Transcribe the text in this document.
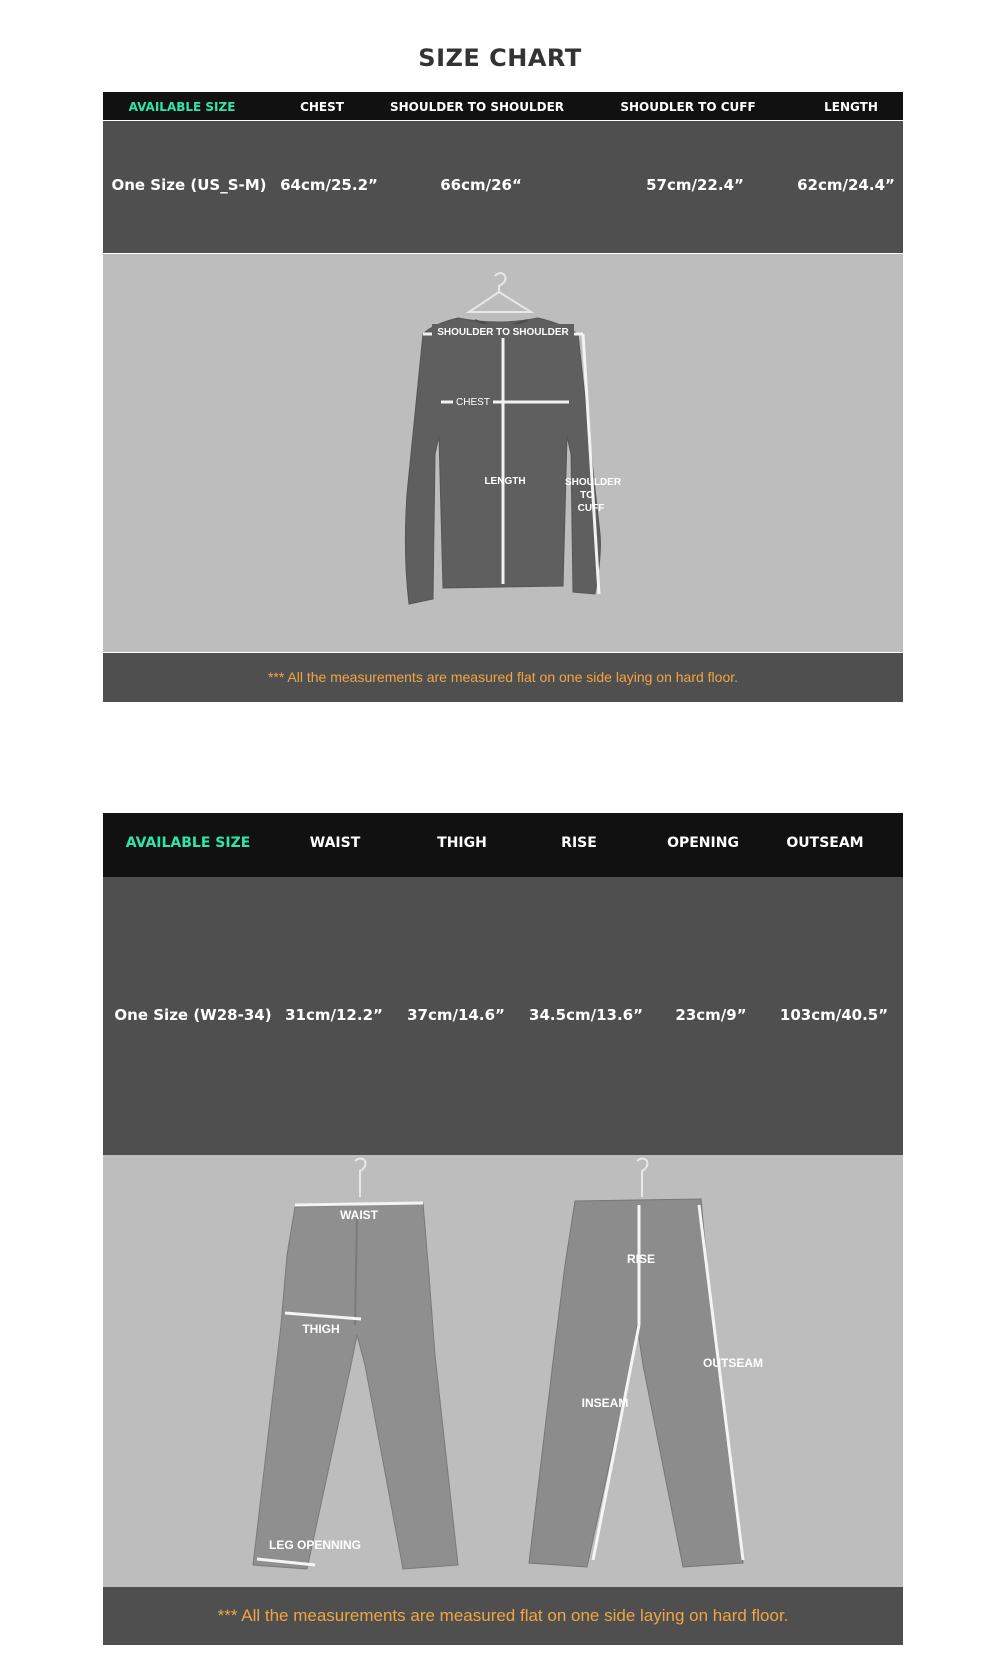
SIZE CHART
AVAILABLE SIZE	CHEST	SHOULDER TO SHOULDER	SHOUDLER TO CUFF	LENGTH
One Size (US_S-M) 64cm/25.2”	66cm/26“	57cm/22.4”	62cm/24.4”
SHOULDER TO SHOULDER
CHEST
LENGTH	SHOULDER
TO
CUFF
*** All the measurements are measured flat on one side laying on hard floor.
AVAILABLE SIZE	WAIST	THIGH	RISE	OPENING	OUTSEAM
One Size (W28-34) 31cm/12.2” 37cm/14.6” 34.5cm/13.6” 23cm/9” 103cm/40.5”
WAIST
THIGH
LEG OPENNING
RISE
OUTSEAM
INSEAM
*** All the measurements are measured flat on one side laying on hard floor.
